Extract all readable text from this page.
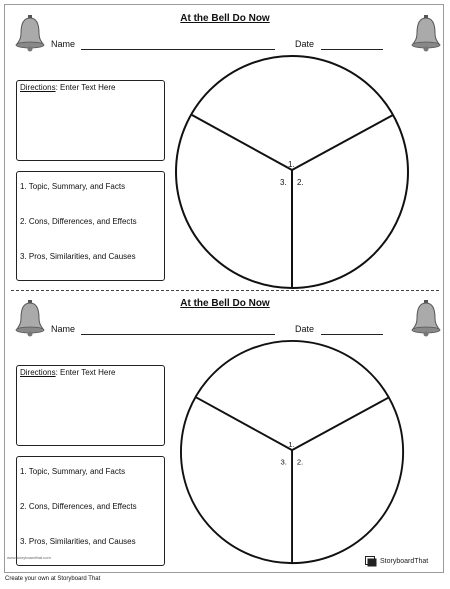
At the Bell Do Now
Name	Date
Directions: Enter Text Here
1. Topic, Summary, and Facts
2. Cons, Differences, and Effects
3. Pros, Similarities, and Causes
1.
3. 2.
At the Bell Do Now
Name	Date
Directions: Enter Text Here
1. Topic, Summary, and Facts
2. Cons, Differences, and Effects
3. Pros, Similarities, and Causes
1.
3. 2.
www.storyboardthat.com	StoryboardThat
Create your own at Storyboard That
